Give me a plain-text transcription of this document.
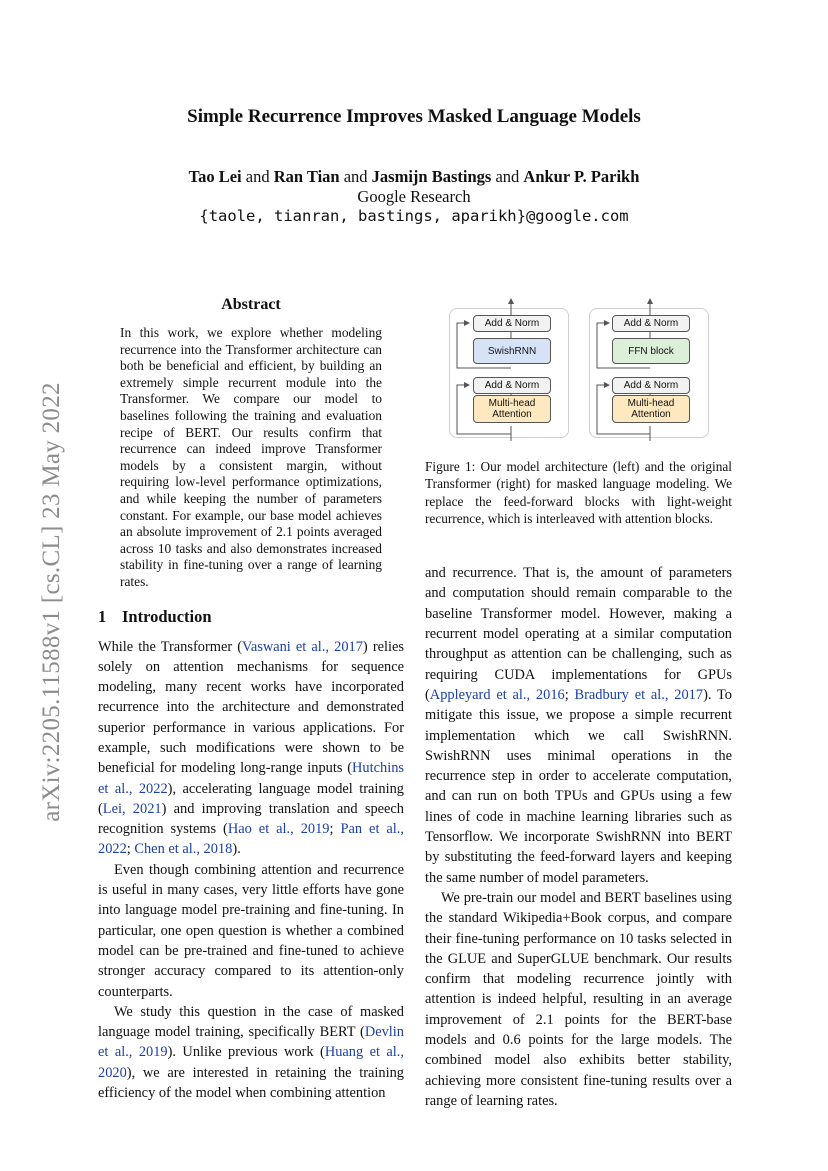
arXiv:2205.11588v1 [cs.CL] 23 May 2022
Simple Recurrence Improves Masked Language Models
Tao Lei and Ran Tian and Jasmijn Bastings and Ankur P. Parikh
Google Research
{taole, tianran, bastings, aparikh}@google.com
Abstract

In this work, we explore whether modeling recurrence into the Transformer architecture can both be beneficial and efficient, by building an extremely simple recurrent module into the Transformer. We compare our model to baselines following the training and evaluation recipe of BERT. Our results confirm that recurrence can indeed improve Transformer models by a consistent margin, without requiring low-level performance optimizations, and while keeping the number of parameters constant. For example, our base model achieves an absolute improvement of 2.1 points averaged across 10 tasks and also demonstrates increased stability in fine-tuning over a range of learning rates.

1 Introduction

While the Transformer (Vaswani et al., 2017) relies solely on attention mechanisms for sequence modeling, many recent works have incorporated recurrence into the architecture and demonstrated superior performance in various applications. For example, such modifications were shown to be beneficial for modeling long-range inputs (Hutchins et al., 2022), accelerating language model training (Lei, 2021) and improving translation and speech recognition systems (Hao et al., 2019; Pan et al., 2022; Chen et al., 2018).

Even though combining attention and recurrence is useful in many cases, very little efforts have gone into language model pre-training and fine-tuning. In particular, one open question is whether a combined model can be pre-trained and fine-tuned to achieve stronger accuracy compared to its attention-only counterparts.

We study this question in the case of masked language model training, specifically BERT (Devlin et al., 2019). Unlike previous work (Huang et al., 2020), we are interested in retaining the training efficiency of the model when combining attention

Add & Norm
SwishRNN
Add & Norm
Multi-head
Attention
Add & Norm
FFN block
Add & Norm
Multi-head
Attention

Figure 1: Our model architecture (left) and the original Transformer (right) for masked language modeling. We replace the feed-forward blocks with light-weight recurrence, which is interleaved with attention blocks.

and recurrence. That is, the amount of parameters and computation should remain comparable to the baseline Transformer model. However, making a recurrent model operating at a similar computation throughput as attention can be challenging, such as requiring CUDA implementations for GPUs (Appleyard et al., 2016; Bradbury et al., 2017). To mitigate this issue, we propose a simple recurrent implementation which we call SwishRNN. SwishRNN uses minimal operations in the recurrence step in order to accelerate computation, and can run on both TPUs and GPUs using a few lines of code in machine learning libraries such as Tensorflow. We incorporate SwishRNN into BERT by substituting the feed-forward layers and keeping the same number of model parameters.

We pre-train our model and BERT baselines using the standard Wikipedia+Book corpus, and compare their fine-tuning performance on 10 tasks selected in the GLUE and SuperGLUE benchmark. Our results confirm that modeling recurrence jointly with attention is indeed helpful, resulting in an average improvement of 2.1 points for the BERT-base models and 0.6 points for the large models. The combined model also exhibits better stability, achieving more consistent fine-tuning results over a range of learning rates.
